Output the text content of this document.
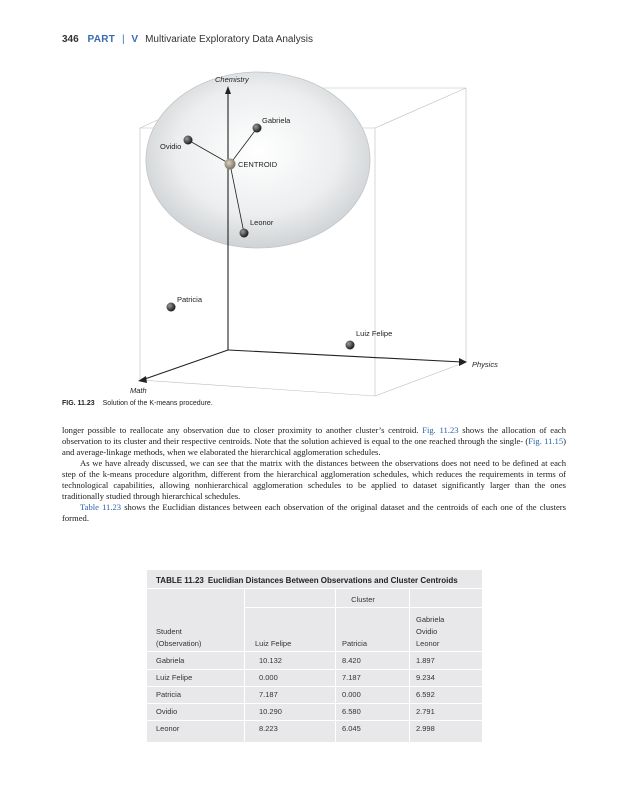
346 PART | V Multivariate Exploratory Data Analysis
Chemistry
Physics
Math
Gabriela
Ovidio
CENTROID
Leonor
Patricia
Luiz Felipe
FIG. 11.23 Solution of the K-means procedure.

longer possible to reallocate any observation due to closer proximity to another cluster’s centroid. Fig. 11.23 shows the allocation of each observation to its cluster and their respective centroids. Note that the solution achieved is equal to the one reached through the single- (Fig. 11.15) and average-linkage methods, when we elaborated the hierarchical agglomeration schedules.

As we have already discussed, we can see that the matrix with the distances between the observations does not need to be defined at each step of the k-means procedure algorithm, different from the hierarchical agglomeration schedules, which reduces the requirements in terms of technological capabilities, allowing nonhierarchical agglomeration schedules to be applied to dataset significantly larger than the ones traditionally studied through hierarchical schedules.

Table 11.23 shows the Euclidian distances between each observation of the original dataset and the centroids of each one of the clusters formed.

TABLE 11.23 Euclidian Distances Between Observations and Cluster Centroids
Cluster
Student
(Observation)	Luiz Felipe	Patricia
Gabriela
Ovidio
Leonor
Gabriela	10.132	8.420	1.897
Luiz Felipe	0.000	7.187	9.234
Patricia	7.187	0.000	6.592
Ovidio	10.290	6.580	2.791
Leonor	8.223	6.045	2.998
